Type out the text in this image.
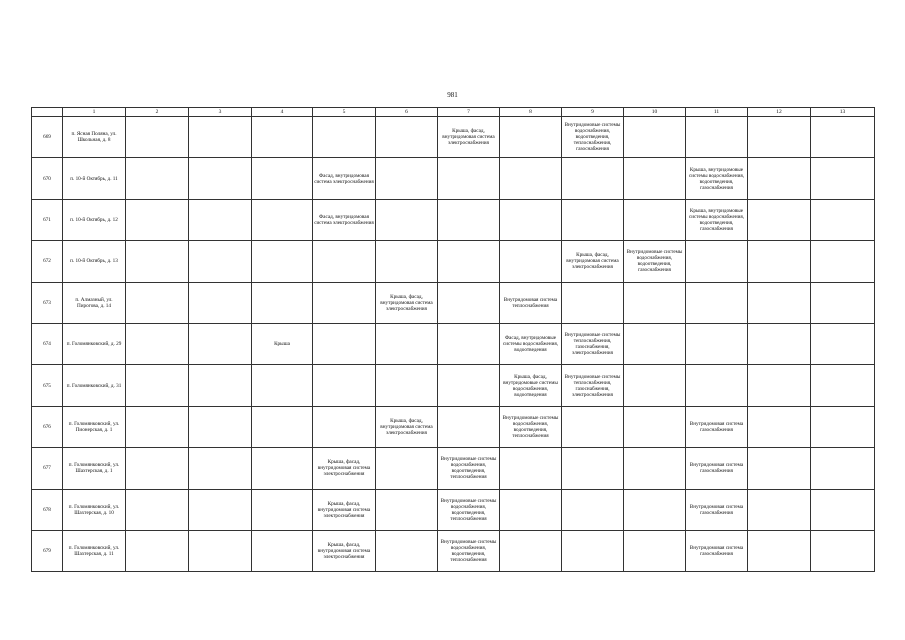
981
	1	2	3	4	5	6	7	8	9	10	11	12	13
669	п. Ясная Поляна, ул. Школьная, д. 8						Крыша, фасад, внутридомовая система электроснабжения		Внутридомовые системы водоснабжения, водоотведения, теплоснабжения, газоснабжения				
670	п. 10-й Октябрь, д. 11				Фасад, внутридомовая система электроснабжения						Крыша, внутридомовые системы водоснабжения, водоотведения, газоснабжения		
671	п. 10-й Октябрь, д. 12				Фасад, внутридомовая система электроснабжения						Крыша, внутридомовые системы водоснабжения, водоотведения, газоснабжения		
672	п. 10-й Октябрь, д. 13								Крыша, фасад, внутридомовая система электроснабжения	Внутридомовые системы водоснабжения, водоотведения, газоснабжения			
673	п. Алмазный, ул. Пирогова, д. 14					Крыша, фасад, внутридомовая система электроснабжения		Внутридомовая система теплоснабжения					
674	п. Голомянковский, д. 29			Крыша				Фасад, внутридомовые системы водоснабжения, водоотведения	Внутридомовые системы теплоснабжения, газоснабжения, электроснабжения				
675	п. Голомянковский, д. 31							Крыша, фасад, внутридомовые системы водоснабжения, водоотведения	Внутридомовые системы теплоснабжения, газоснабжения, электроснабжения				
676	п. Голомянковский, ул. Пионерская, д. 1					Крыша, фасад, внутридомовая система электроснабжения		Внутридомовые системы водоснабжения, водоотведения, теплоснабжения			Внутридомовая система газоснабжения		
677	п. Голомянковский, ул. Шахтерская, д. 1				Крыша, фасад, внутридомовая система электроснабжения		Внутридомовые системы водоснабжения, водоотведения, теплоснабжения				Внутридомовая система газоснабжения		
678	п. Голомянковский, ул. Шахтерская, д. 10				Крыша, фасад, внутридомовая система электроснабжения		Внутридомовые системы водоснабжения, водоотведения, теплоснабжения				Внутридомовая система газоснабжения		
679	п. Голомянковский, ул. Шахтерская, д. 11				Крыша, фасад, внутридомовая система электроснабжения		Внутридомовые системы водоснабжения, водоотведения, теплоснабжения				Внутридомовая система газоснабжения		
